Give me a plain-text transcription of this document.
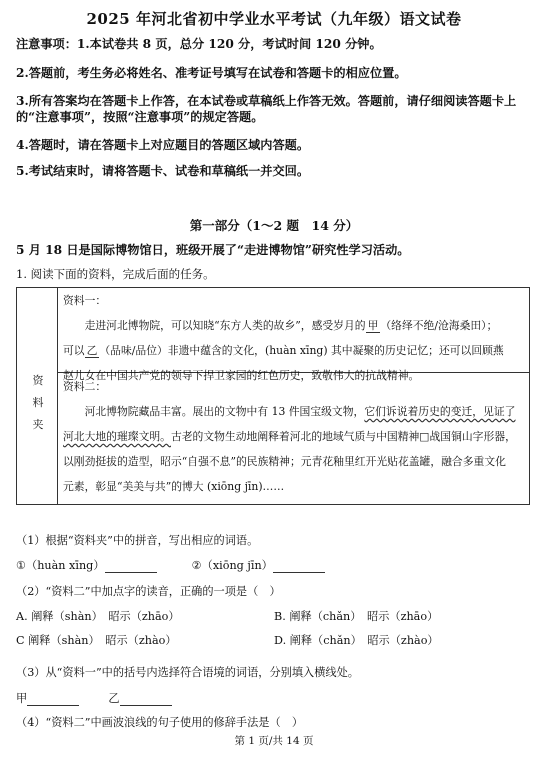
2025 年河北省初中学业水平考试（九年级）语文试卷
注意事项：1.本试卷共 8 页，总分 120 分，考试时间 120 分钟。
2.答题前，考生务必将姓名、准考证号填写在试卷和答题卡的相应位置。
3.所有答案均在答题卡上作答，在本试卷或草稿纸上作答无效。答题前，请仔细阅读答题卡上
的“注意事项”，按照“注意事项”的规定答题。
4.答题时，请在答题卡上对应题目的答题区域内答题。
5.考试结束时，请将答题卡、试卷和草稿纸一并交回。
第一部分（1～2 题　14 分）
5 月 18 日是国际博物馆日，班级开展了“走进博物馆”研究性学习活动。
1. 阅读下面的资料，完成后面的任务。
资料夹
资料一：
走进河北博物院，可以知晓“东方人类的故乡”，感受岁月的 甲 （络绎不绝/沧海桑田）；
可以 乙 （品味/品位）非遗中蕴含的文化，(huàn xīng) 其中凝聚的历史记忆；还可以回顾燕
赵儿女在中国共产党的领导下捍卫家园的红色历史，致敬伟大的抗战精神。
资料二：
河北博物院藏品丰富。展出的文物中有 13 件国宝级文物，它们诉说着历史的变迁，见证了
河北大地的璀璨文明。古老的文物生动地阐释着河北的地域气质与中国精神□战国铜山字形器，
以刚劲挺拔的造型，昭示“自强不息”的民族精神；元青花釉里红开光贴花盖罐，融合多重文化
元素，彰显“美美与共”的博大 (xiōng jīn)……
（1）根据“资料夹”中的拼音，写出相应的词语。
①（huàn xīng）	②（xiōng jīn）
（2）“资料二”中加点字的读音，正确的一项是（　）
A. 阐释（shàn）　昭示（zhāo）	B. 阐释（chǎn）　昭示（zhāo）
C 阐释（shàn）　昭示（zhào）	D. 阐释（chǎn）　昭示（zhào）
（3）从“资料一”中的括号内选择符合语境的词语，分别填入横线处。
甲	乙
（4）“资料二”中画波浪线的句子使用的修辞手法是（　）
第 1 页/共 14 页
